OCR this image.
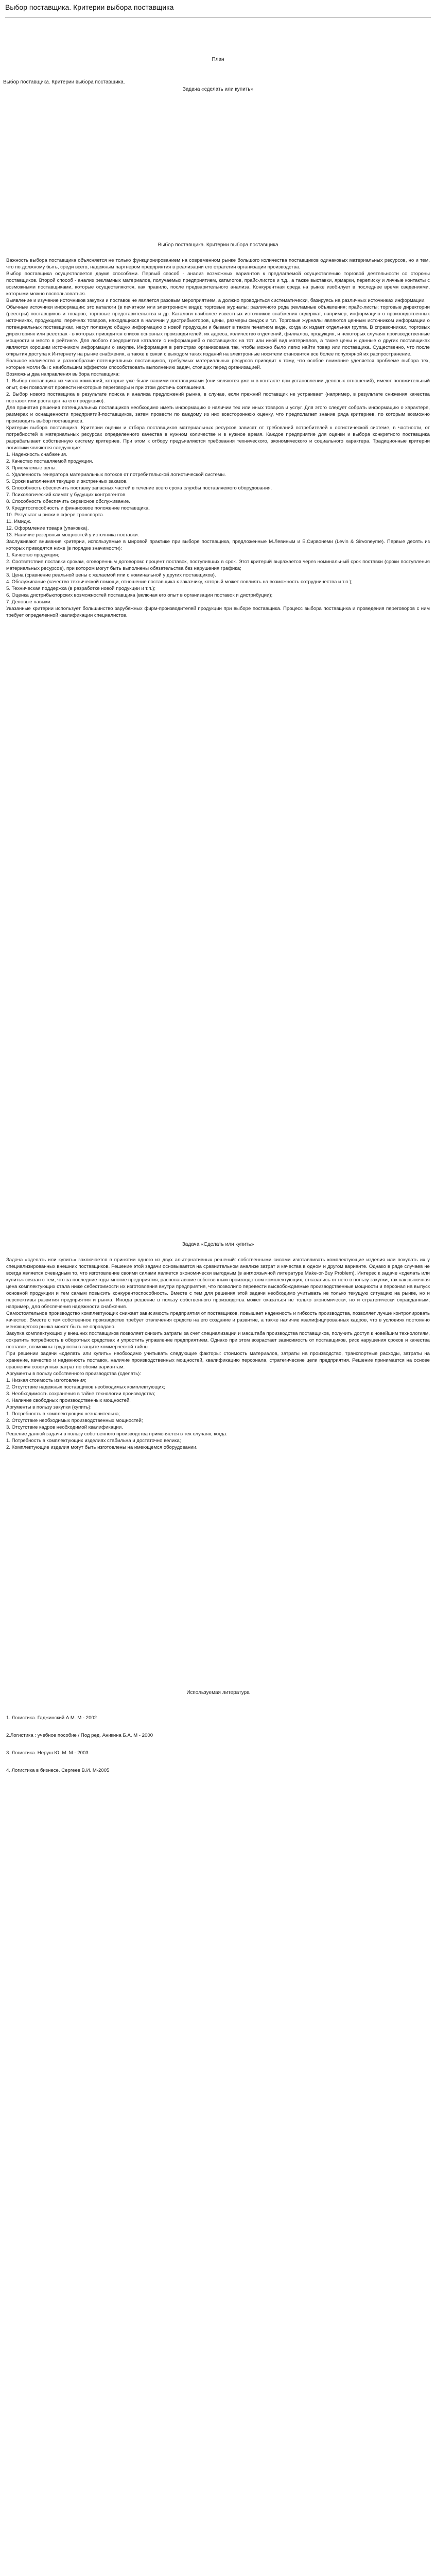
Выбор поставщика. Критерии выбора поставщика

План

Выбор поставщика. Критерии выбора поставщика.
Задача «сделать или купить»
Выбор поставщика. Критерии выбора поставщика

Важность выбора поставщика объясняется не только функционированием на современном рынке большого количества поставщиков одинаковых материальных ресурсов, но и тем, что по должному быть, среди всего, надежным партнером предприятия в реализации его стратегии организации производства.

Выбор поставщика осуществляется двумя способами. Первый способ - анализ возможных вариантов к предлагаемой осуществлению торговой деятельности со стороны поставщиков. Второй способ - анализ рекламных материалов, получаемых предприятием, каталогов, прайс-листов и т.д., а также выставки, ярмарки, переписку и личные контакты с возможными поставщиками, которые осуществляются, как правило, после предварительного анализа. Конкурентная среда на рынке изобилует в последнее время сведениями, которыми можно воспользоваться.

Выявление и изучение источников закупки и поставок не является разовым мероприятием, а должно проводиться систематически, базируясь на различных источниках информации.

Обычные источники информации: это каталоги (в печатном или электронном виде); торговые журналы; различного рода рекламные объявления; прайс-листы; торговые директории (реестры) поставщиков и товаров; торговые представительства и др. Каталоги наиболее известных источников снабжения содержат, например, информацию о производственных источниках, продукциях, перечнях товаров, находящихся в наличии у дистрибьюторов, цены, размеры скидок и т.п. Торговые журналы являются ценным источником информации о потенциальных поставщиках, несут полезную общую информацию о новой продукции и бывают в таком печатном виде, когда их издает отдельная группа. В справочниках, торговых директориях или реестрах - в которых приводится список основных производителей, их адреса, количество отделений, филиалов, продукция, и некоторых случаях производственные мощности и место в рейтинге. Для любого предприятия каталоги с информацией о поставщиках на тот или иной вид материалов, а также цены и данные о других поставщиках являются хорошим источником информации о закупке. Информация в регистрах организована так, чтобы можно было легко найти товар или поставщика. Существенно, что после открытия доступа к Интернету на рынке снабжения, а также в связи с выходом таких изданий на электронные носители становится все более популярной их распространение.

Большое количество и разнообразие потенциальных поставщиков, требуемых материальных ресурсов приводит к тому, что особое внимание уделяется проблеме выбора тех, которые могли бы с наибольшим эффектом способствовать выполнению задач, стоящих перед организацией.

Возможны два направления выбора поставщика:

1. Выбор поставщика из числа компаний, которые уже были вашими поставщиками (они являются уже и в контакте при установлении деловых отношений), имеют положительный опыт, они позволяют провести некоторые переговоры и при этом достичь соглашения.

2. Выбор нового поставщика в результате поиска и анализа предложений рынка, в случае, если прежний поставщик не устраивает (например, в результате снижения качества поставок или роста цен на его продукцию).

Для принятия решения потенциальных поставщиков необходимо иметь информацию о наличии тех или иных товаров и услуг. Для этого следует собрать информацию о характере, размерах и оснащенности предприятий-поставщиков, затем провести по каждому из них всестороннюю оценку, что предполагает знание ряда критериев, по которым возможно производить выбор поставщиков.

Критерии выбора поставщика. Критерии оценки и отбора поставщиков материальных ресурсов зависят от требований потребителей к логистической системе, в частности, от потребностей в материальных ресурсах определенного качества в нужном количестве и в нужное время. Каждое предприятие для оценки и выбора конкретного поставщика разрабатывает собственную систему критериев. При этом к отбору предъявляются требования технического, экономического и социального характера. Традиционные критерии логистики являются следующие:

1. Надежность снабжения.

2. Качество поставляемой продукции.

3. Приемлемые цены.

4. Удаленность генератора материальных потоков от потребительской логистической системы.

5. Сроки выполнения текущих и экстренных заказов.

6. Способность обеспечить поставку запасных частей в течение всего срока службы поставляемого оборудования.

7. Психологический климат у будущих контрагентов.

8. Способность обеспечить сервисное обслуживание.

9. Кредитоспособность и финансовое положение поставщика.

10. Результат и риски в сфере транспорта.

11. Имидж.

12. Оформление товара (упаковка).

13. Наличие резервных мощностей у источника поставки.

Заслуживают внимания критерии, используемые в мировой практике при выборе поставщика, предложенные М.Левиным и Б.Сирвонеми (Levin & Sirvoneyme). Первые десять из которых приводятся ниже (в порядке значимости):

1. Качество продукции;

2. Соответствие поставки срокам, оговоренным договором: процент поставок, поступивших в срок. Этот критерий выражается через номинальный срок поставки (сроки поступления материальных ресурсов), при котором могут быть выполнены обязательства без нарушения графика;

3. Цена (сравнение реальной цены с желаемой или с номинальной у других поставщиков).

4. Обслуживание (качество технической помощи, отношение поставщика к заказчику, который может повлиять на возможность сотрудничества и т.п.);

5. Техническая поддержка (в разработке новой продукции и т.п.);

6. Оценка дистрибьюторских возможностей поставщика (включая его опыт в организации поставок и дистрибуции);

7. Деловые навыки.

Указанные критерии использует большинство зарубежных фирм-производителей продукции при выборе поставщика. Процесс выбора поставщика и проведения переговоров с ним требует определенной квалификации специалистов.

Задача «Сделать или купить»

Задача «сделать или купить» заключается в принятии одного из двух альтернативных решений: собственными силами изготавливать комплектующие изделия или покупать их у специализированных внешних поставщиков. Решение этой задачи основывается на сравнительном анализе затрат и качества в одном и другом варианте. Однако в ряде случаев не всегда является очевидным то, что изготовление своими силами является экономически выгодным (в англоязычной литературе Make-or-Buy Problem). Интерес к задаче «сделать или купить» связан с тем, что за последние годы многие предприятия, располагавшие собственным производством комплектующих, отказались от него в пользу закупки, так как рыночная цена комплектующих стала ниже себестоимости их изготовления внутри предприятия, что позволило перевести высвобождаемые производственные мощности и персонал на выпуск основной продукции и тем самым повысить конкурентоспособность. Вместе с тем для решения этой задачи необходимо учитывать не только текущую ситуацию на рынке, но и перспективы развития предприятия и рынка. Иногда решение в пользу собственного производства может оказаться не только экономически, но и стратегически оправданным, например, для обеспечения надежности снабжения.

Самостоятельное производство комплектующих снижает зависимость предприятия от поставщиков, повышает надежность и гибкость производства, позволяет лучше контролировать качество. Вместе с тем собственное производство требует отвлечения средств на его создание и развитие, а также наличие квалифицированных кадров, что в условиях постоянно меняющегося рынка может быть не оправдано.

Закупка комплектующих у внешних поставщиков позволяет снизить затраты за счет специализации и масштаба производства поставщиков, получить доступ к новейшим технологиям, сократить потребность в оборотных средствах и упростить управление предприятием. Однако при этом возрастает зависимость от поставщиков, риск нарушения сроков и качества поставок, возможны трудности в защите коммерческой тайны.

При решении задачи «сделать или купить» необходимо учитывать следующие факторы: стоимость материалов, затраты на производство, транспортные расходы, затраты на хранение, качество и надежность поставок, наличие производственных мощностей, квалификацию персонала, стратегические цели предприятия. Решение принимается на основе сравнения совокупных затрат по обоим вариантам.

Аргументы в пользу собственного производства (сделать):

1. Низкая стоимость изготовления;

2. Отсутствие надежных поставщиков необходимых комплектующих;

3. Необходимость сохранения в тайне технологии производства;

4. Наличие свободных производственных мощностей.

Аргументы в пользу закупки (купить):

1. Потребность в комплектующих незначительна;

2. Отсутствие необходимых производственных мощностей;

3. Отсутствие кадров необходимой квалификации.

Решение данной задачи в пользу собственного производства применяется в тех случаях, когда:

1. Потребность в комплектующих изделиях стабильна и достаточно велика;

2. Комплектующие изделия могут быть изготовлены на имеющемся оборудовании.

Используемая литература

1. Логистика. Гаджинский А.М. М - 2002

2.Логистика : учебное пособие / Под ред. Аникина Б.А. М - 2000

3. Логистика. Неруш Ю. М. М - 2003

4. Логистика в бизнесе. Сергеев В.И. М-2005
